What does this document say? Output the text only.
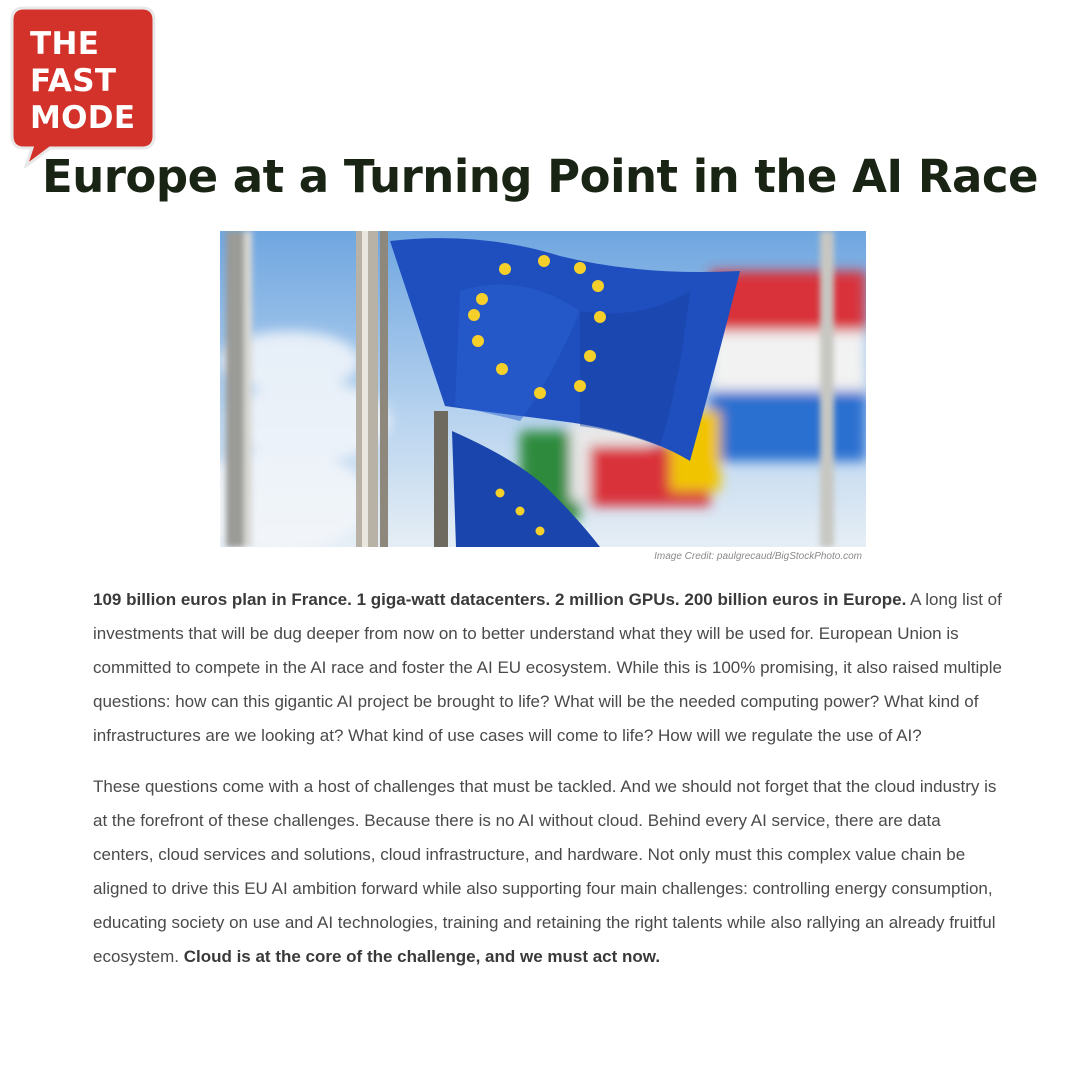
THE
FAST
MODE
Europe at a Turning Point in the AI Race
Image Credit: paulgrecaud/BigStockPhoto.com

109 billion euros plan in France. 1 giga-watt datacenters. 2 million GPUs. 200 billion euros in Europe. A long list of investments that will be dug deeper from now on to better understand what they will be used for. European Union is committed to compete in the AI race and foster the AI EU ecosystem. While this is 100% promising, it also raised multiple questions: how can this gigantic AI project be brought to life? What will be the needed computing power? What kind of infrastructures are we looking at? What kind of use cases will come to life? How will we regulate the use of AI?

These questions come with a host of challenges that must be tackled. And we should not forget that the cloud industry is at the forefront of these challenges. Because there is no AI without cloud. Behind every AI service, there are data centers, cloud services and solutions, cloud infrastructure, and hardware. Not only must this complex value chain be aligned to drive this EU AI ambition forward while also supporting four main challenges: controlling energy consumption, educating society on use and AI technologies, training and retaining the right talents while also rallying an already fruitful ecosystem. Cloud is at the core of the challenge, and we must act now.
